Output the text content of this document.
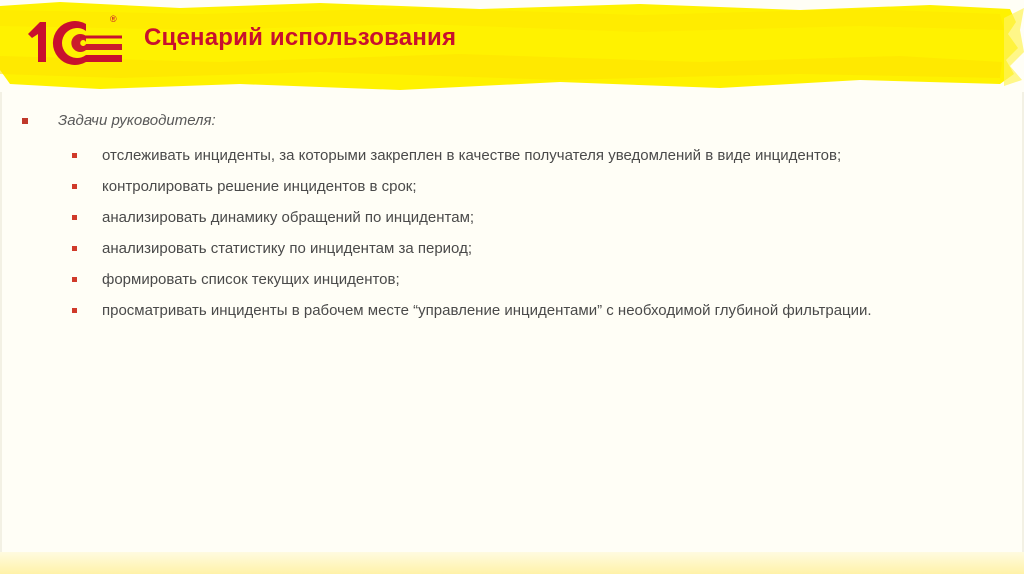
®
Сценарий использования
Задачи руководителя:
отслеживать инциденты, за которыми закреплен в качестве получателя уведомлений в виде инцидентов;
контролировать решение инцидентов в срок;
анализировать динамику обращений по инцидентам;
анализировать статистику по инцидентам за период;
формировать список текущих инцидентов;
просматривать инциденты в рабочем месте “управление инцидентами” с необходимой глубиной фильтрации.
